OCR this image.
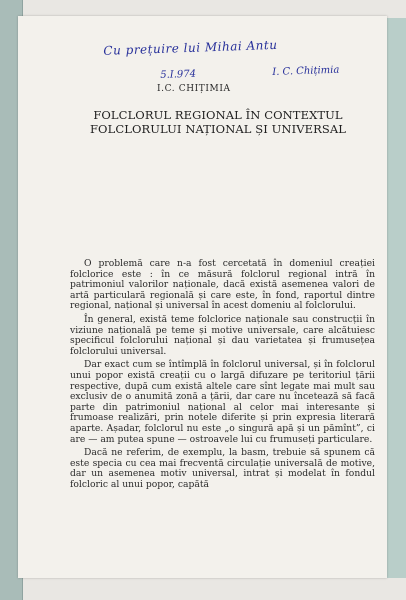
Cu prețuire lui Mihai Antu
5.I.974	I. C. Chițimia
I.C. CHIȚIMIA
FOLCLORUL REGIONAL ÎN CONTEXTUL
FOLCLORULUI NAȚIONAL ȘI UNIVERSAL

O problemă care n-a fost cercetată în domeniul creației folclorice este : în ce măsură folclorul regional intră în patrimoniul valorilor naționale, dacă există asemenea valori de artă particulară regională și care este, în fond, raportul dintre regional, național și universal în acest domeniu al folclorului.

În general, există teme folclorice naționale sau construcții în viziune națională pe teme și motive universale, care alcătuiesc specificul folclorului național și dau varietatea și frumusețea folclorului universal.

Dar exact cum se întîmplă în folclorul universal, și în folclorul unui popor există creații cu o largă difuzare pe teritoriul țării respective, după cum există altele care sînt legate mai mult sau exclusiv de o anumită zonă a țării, dar care nu încetează să facă parte din patrimoniul național al celor mai interesante și frumoase realizări, prin notele diferite și prin expresia literară aparte. Așadar, folclorul nu este „o singură apă și un pămînt”, ci are — am putea spune — ostroavele lui cu frumuseți particulare.

Dacă ne referim, de exemplu, la basm, trebuie să spunem că este specia cu cea mai frecventă circulație universală de motive, dar un asemenea motiv universal, intrat și modelat în fondul folcloric al unui popor, capătă
